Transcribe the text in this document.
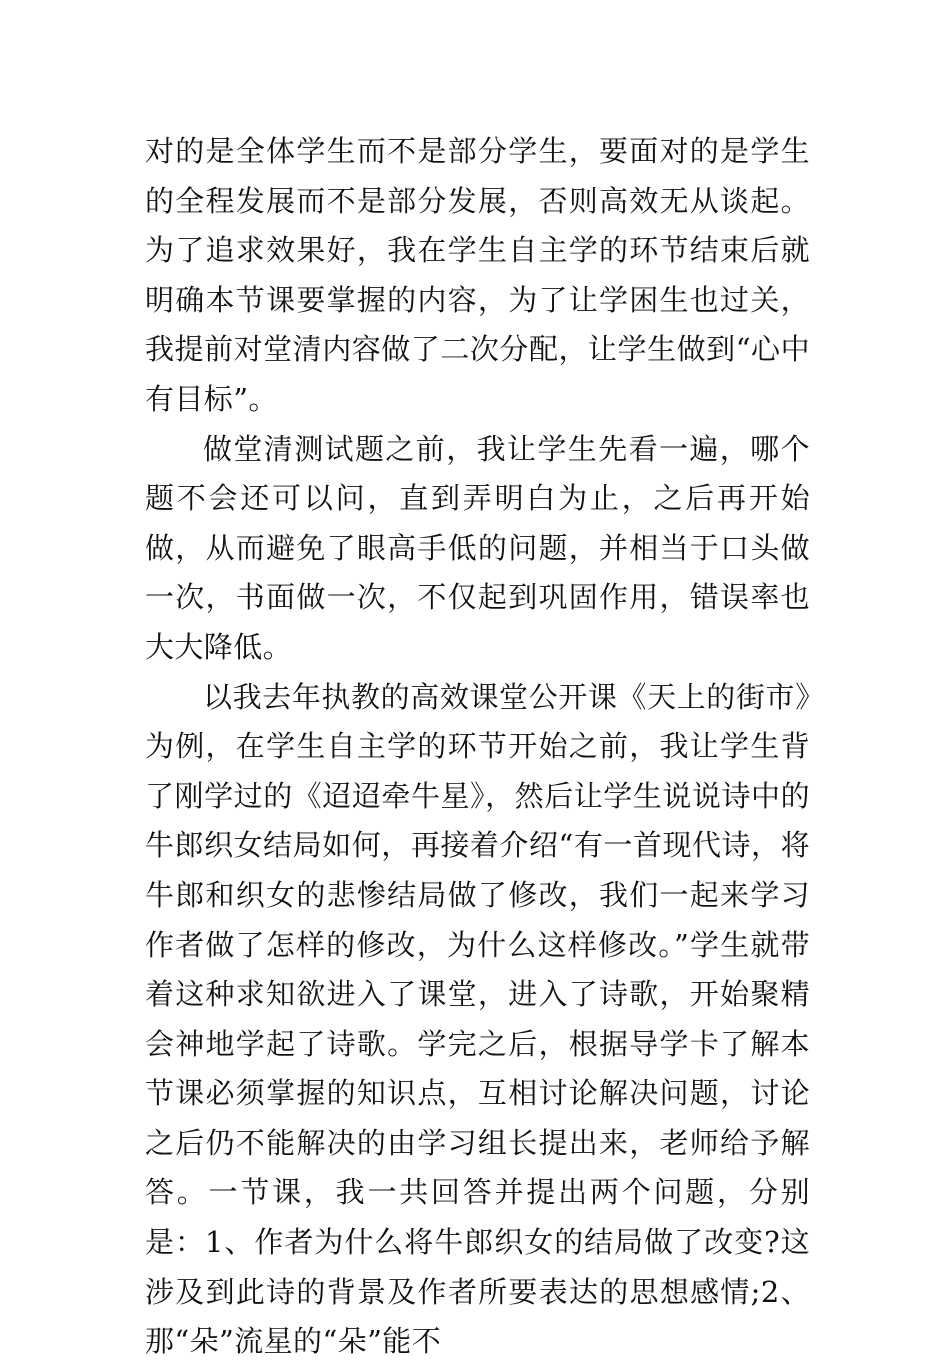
对的是全体学生而不是部分学生，要面对的是学生的全程发展而不是部分发展，否则高效无从谈起。为了追求效果好，我在学生自主学的环节结束后就明确本节课要掌握的内容，为了让学困生也过关，我提前对堂清内容做了二次分配，让学生做到“心中有目标”。

做堂清测试题之前，我让学生先看一遍，哪个题不会还可以问，直到弄明白为止，之后再开始做，从而避免了眼高手低的问题，并相当于口头做一次，书面做一次，不仅起到巩固作用，错误率也大大降低。

以我去年执教的高效课堂公开课《天上的街市》为例，在学生自主学的环节开始之前，我让学生背了刚学过的《迢迢牵牛星》，然后让学生说说诗中的牛郎织女结局如何，再接着介绍“有一首现代诗，将牛郎和织女的悲惨结局做了修改，我们一起来学习作者做了怎样的修改，为什么这样修改。”学生就带着这种求知欲进入了课堂，进入了诗歌，开始聚精会神地学起了诗歌。学完之后，根据导学卡了解本节课必须掌握的知识点，互相讨论解决问题，讨论之后仍不能解决的由学习组长提出来，老师给予解答。一节课，我一共回答并提出两个问题，分别是：1、作者为什么将牛郎织女的结局做了改变?这涉及到此诗的背景及作者所要表达的思想感情;2、那“朵”流星的“朵”能不
